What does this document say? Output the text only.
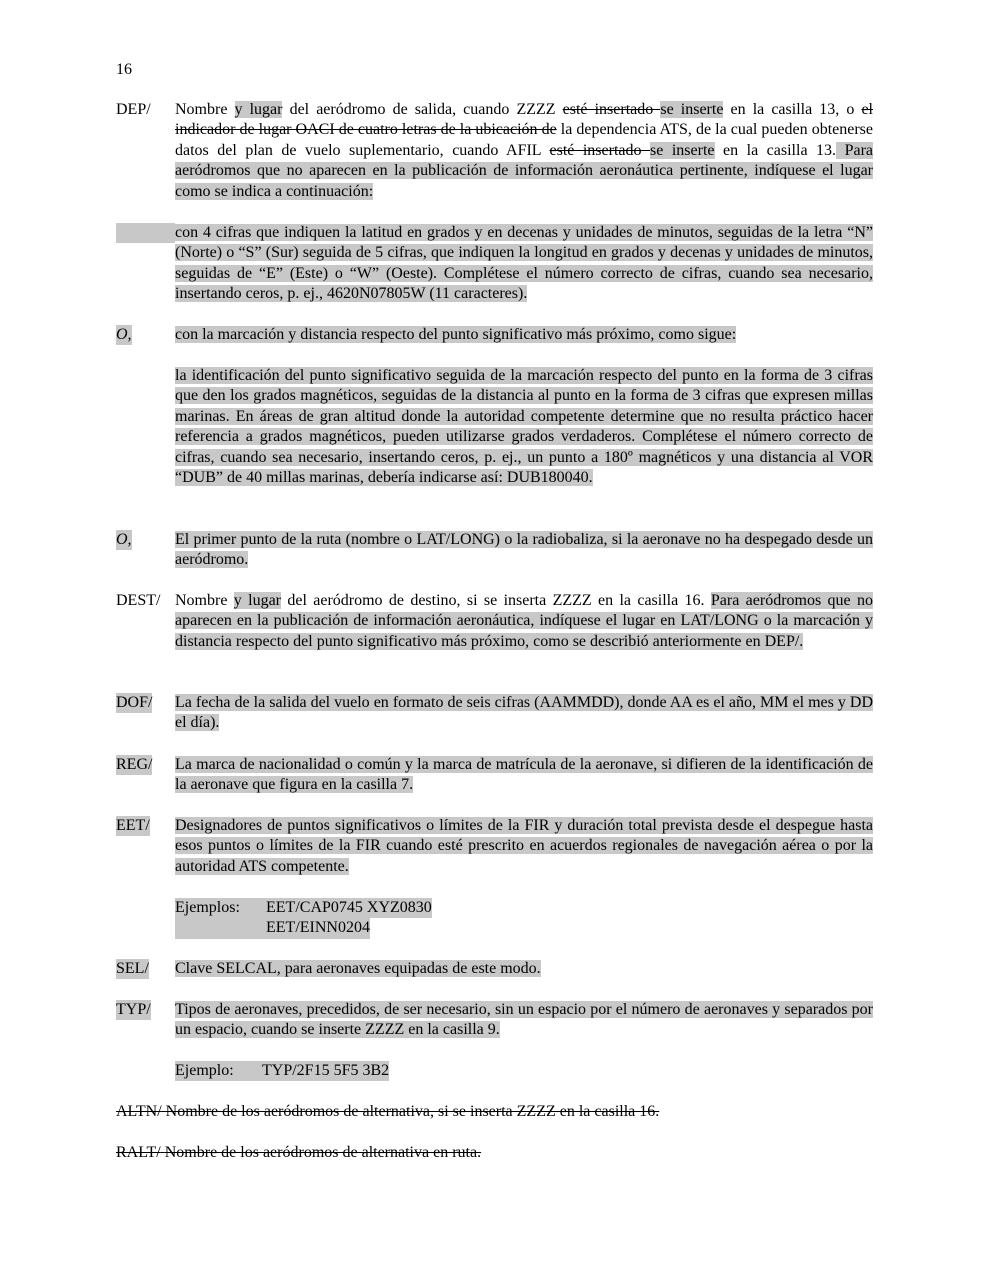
16
DEP/ Nombre y lugar del aeródromo de salida, cuando ZZZZ esté insertado se inserte en la casilla 13, o el indicador de lugar OACI de cuatro letras de la ubicación de la dependencia ATS, de la cual pueden obtenerse datos del plan de vuelo suplementario, cuando AFIL esté insertado se inserte en la casilla 13. Para aeródromos que no aparecen en la publicación de información aeronáutica pertinente, indíquese el lugar como se indica a continuación:
con 4 cifras que indiquen la latitud en grados y en decenas y unidades de minutos, seguidas de la letra “N” (Norte) o “S” (Sur) seguida de 5 cifras, que indiquen la longitud en grados y decenas y unidades de minutos, seguidas de “E” (Este) o “W” (Oeste). Complétese el número correcto de cifras, cuando sea necesario, insertando ceros, p. ej., 4620N07805W (11 caracteres).
O,	con la marcación y distancia respecto del punto significativo más próximo, como sigue:
la identificación del punto significativo seguida de la marcación respecto del punto en la forma de 3 cifras que den los grados magnéticos, seguidas de la distancia al punto en la forma de 3 cifras que expresen millas marinas. En áreas de gran altitud donde la autoridad competente determine que no resulta práctico hacer referencia a grados magnéticos, pueden utilizarse grados verdaderos. Complétese el número correcto de cifras, cuando sea necesario, insertando ceros, p. ej., un punto a 180º magnéticos y una distancia al VOR “DUB” de 40 millas marinas, debería indicarse así: DUB180040.
O,	El primer punto de la ruta (nombre o LAT/LONG) o la radiobaliza, si la aeronave no ha despegado desde un aeródromo.
DEST/ Nombre y lugar del aeródromo de destino, si se inserta ZZZZ en la casilla 16. Para aeródromos que no aparecen en la publicación de información aeronáutica, indíquese el lugar en LAT/LONG o la marcación y distancia respecto del punto significativo más próximo, como se describió anteriormente en DEP/.
DOF/ La fecha de la salida del vuelo en formato de seis cifras (AAMMDD), donde AA es el año, MM el mes y DD el día).
REG/ La marca de nacionalidad o común y la marca de matrícula de la aeronave, si difieren de la identificación de la aeronave que figura en la casilla 7.
EET/ Designadores de puntos significativos o límites de la FIR y duración total prevista desde el despegue hasta esos puntos o límites de la FIR cuando esté prescrito en acuerdos regionales de navegación aérea o por la autoridad ATS competente.
Ejemplos: EET/CAP0745 XYZ0830
EET/EINN0204
SEL/ Clave SELCAL, para aeronaves equipadas de este modo.
TYP/ Tipos de aeronaves, precedidos, de ser necesario, sin un espacio por el número de aeronaves y separados por un espacio, cuando se inserte ZZZZ en la casilla 9.
Ejemplo: TYP/2F15 5F5 3B2
ALTN/ Nombre de los aeródromos de alternativa, si se inserta ZZZZ en la casilla 16.
RALT/ Nombre de los aeródromos de alternativa en ruta.
